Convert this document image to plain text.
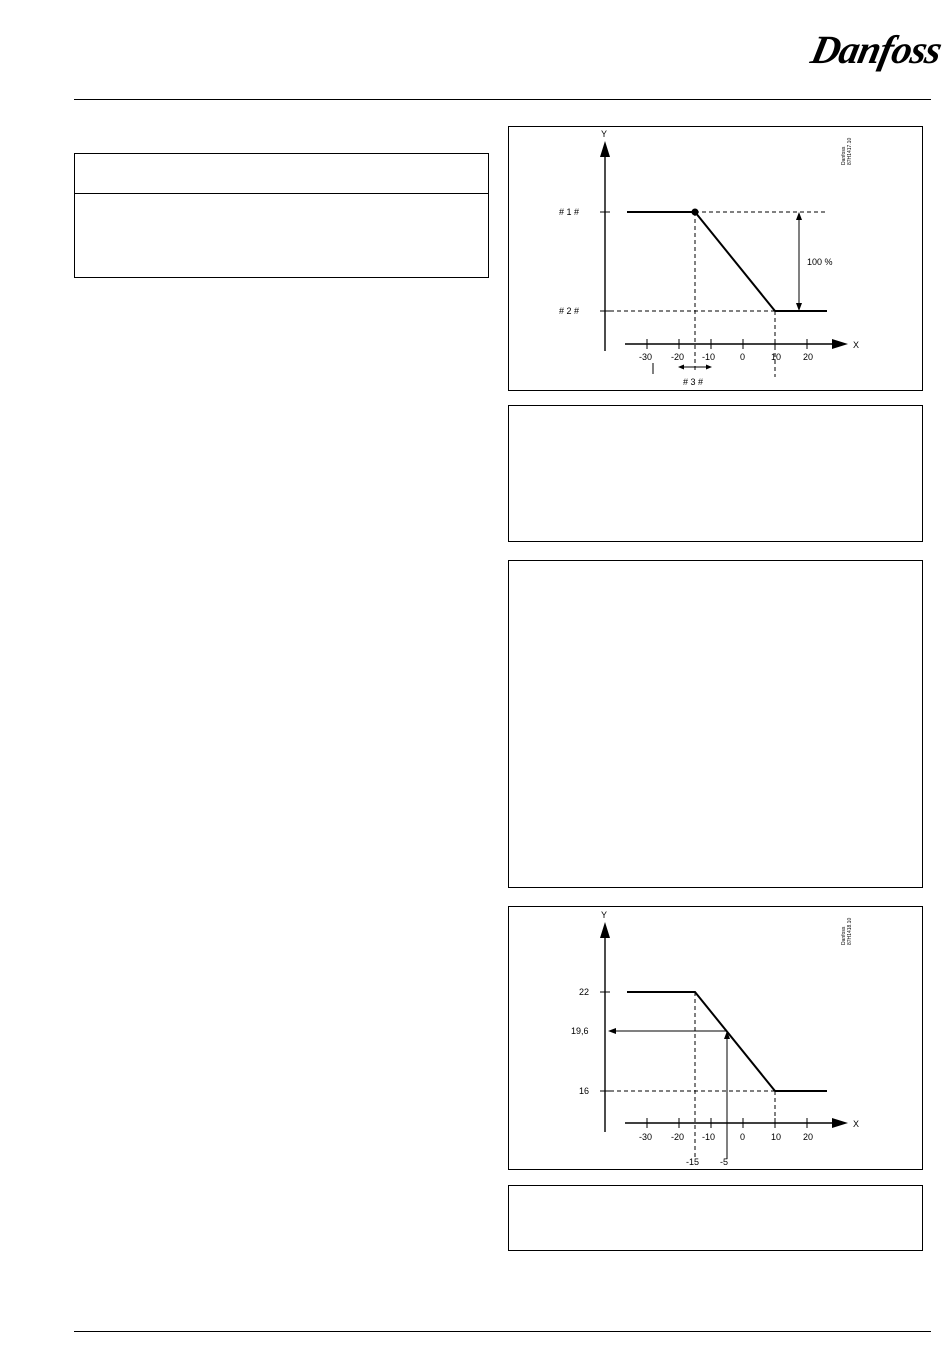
Danfoss
Y
X
# 1 #
# 2 #
-30 -20 -10	0	10 20
100 %
# 3 #
Danfoss 87H1417.10
Y
X
22
19,6
16
-30 -20 -10	0	10 20
-15 -5
Danfoss 87H1418.10
